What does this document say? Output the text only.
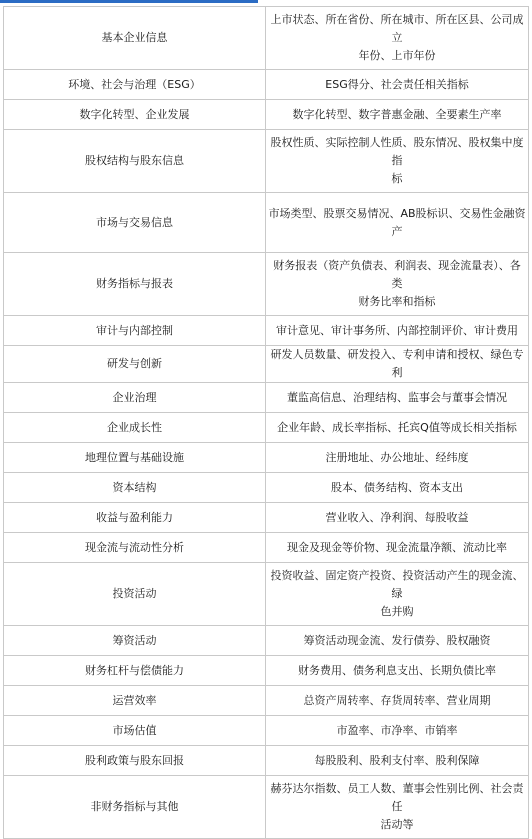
基本企业信息	上市状态、所在省份、所在城市、所在区县、公司成立
年份、上市年份

环境、社会与治理（ESG）	ESG得分、社会责任相关指标
数字化转型、企业发展	数字化转型、数字普惠金融、全要素生产率
股权结构与股东信息	股权性质、实际控制人性质、股东情况、股权集中度指
标

市场与交易信息	市场类型、股票交易情况、AB股标识、交易性金融资
产

财务指标与报表	财务报表（资产负债表、利润表、现金流量表）、各类
财务比率和指标

审计与内部控制	审计意见、审计事务所、内部控制评价、审计费用
研发与创新	研发人员数量、研发投入、专利申请和授权、绿色专利
企业治理	董监高信息、治理结构、监事会与董事会情况
企业成长性	企业年龄、成长率指标、托宾Q值等成长相关指标
地理位置与基础设施	注册地址、办公地址、经纬度
资本结构	股本、债务结构、资本支出
收益与盈利能力	营业收入、净利润、每股收益
现金流与流动性分析	现金及现金等价物、现金流量净额、流动比率
投资活动	投资收益、固定资产投资、投资活动产生的现金流、绿
色并购

筹资活动	筹资活动现金流、发行债券、股权融资
财务杠杆与偿债能力	财务费用、债务利息支出、长期负债比率
运营效率	总资产周转率、存货周转率、营业周期
市场估值	市盈率、市净率、市销率
股利政策与股东回报	每股股利、股利支付率、股利保障
非财务指标与其他	赫芬达尔指数、员工人数、董事会性别比例、社会责任
活动等
